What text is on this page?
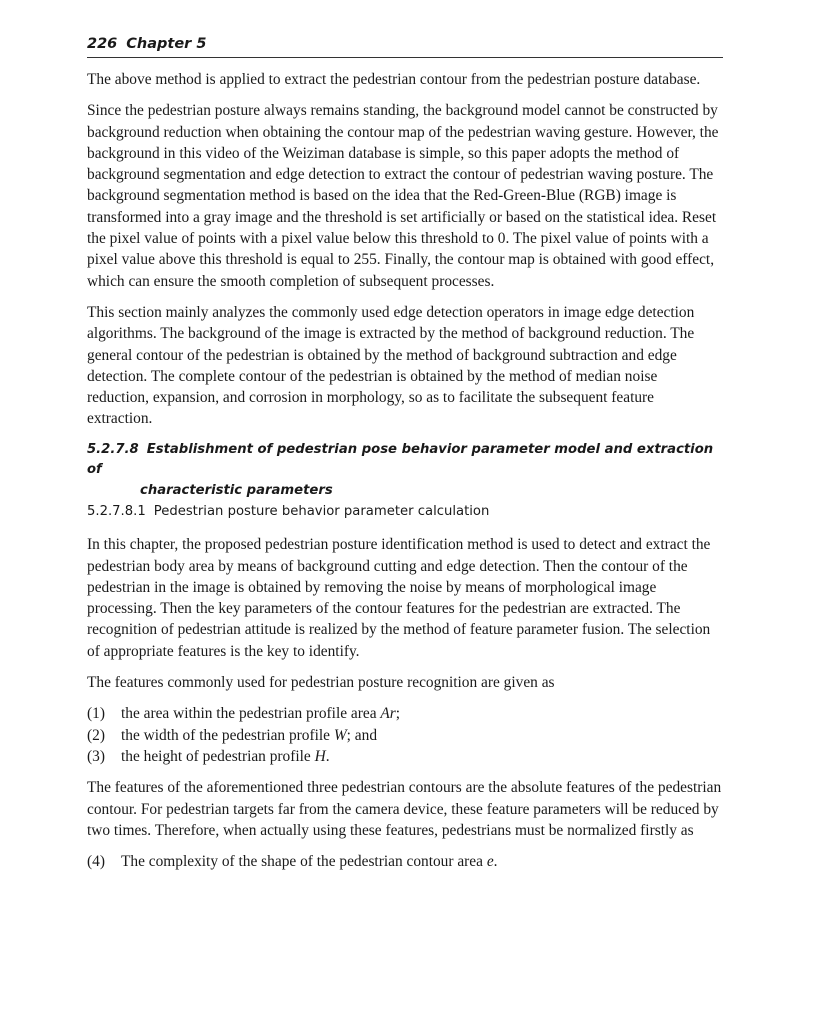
226 Chapter 5

The above method is applied to extract the pedestrian contour from the pedestrian posture database.

Since the pedestrian posture always remains standing, the background model cannot be constructed by background reduction when obtaining the contour map of the pedestrian waving gesture. However, the background in this video of the Weiziman database is simple, so this paper adopts the method of background segmentation and edge detection to extract the contour of pedestrian waving posture. The background segmentation method is based on the idea that the Red-Green-Blue (RGB) image is transformed into a gray image and the threshold is set artificially or based on the statistical idea. Reset the pixel value of points with a pixel value below this threshold to 0. The pixel value of points with a pixel value above this threshold is equal to 255. Finally, the contour map is obtained with good effect, which can ensure the smooth completion of subsequent processes.

This section mainly analyzes the commonly used edge detection operators in image edge detection algorithms. The background of the image is extracted by the method of background reduction. The general contour of the pedestrian is obtained by the method of background subtraction and edge detection. The complete contour of the pedestrian is obtained by the method of median noise reduction, expansion, and corrosion in morphology, so as to facilitate the subsequent feature extraction.

5.2.7.8 Establishment of pedestrian pose behavior parameter model and extraction of
characteristic parameters
5.2.7.8.1 Pedestrian posture behavior parameter calculation

In this chapter, the proposed pedestrian posture identification method is used to detect and extract the pedestrian body area by means of background cutting and edge detection. Then the contour of the pedestrian in the image is obtained by removing the noise by means of morphological image processing. Then the key parameters of the contour features for the pedestrian are extracted. The recognition of pedestrian attitude is realized by the method of feature parameter fusion. The selection of appropriate features is the key to identify.

The features commonly used for pedestrian posture recognition are given as

(1)	the area within the pedestrian profile area Ar;
(2)	the width of the pedestrian profile W; and
(3)	the height of pedestrian profile H.

The features of the aforementioned three pedestrian contours are the absolute features of the pedestrian contour. For pedestrian targets far from the camera device, these feature parameters will be reduced by two times. Therefore, when actually using these features, pedestrians must be normalized firstly as

(4)	The complexity of the shape of the pedestrian contour area e.
